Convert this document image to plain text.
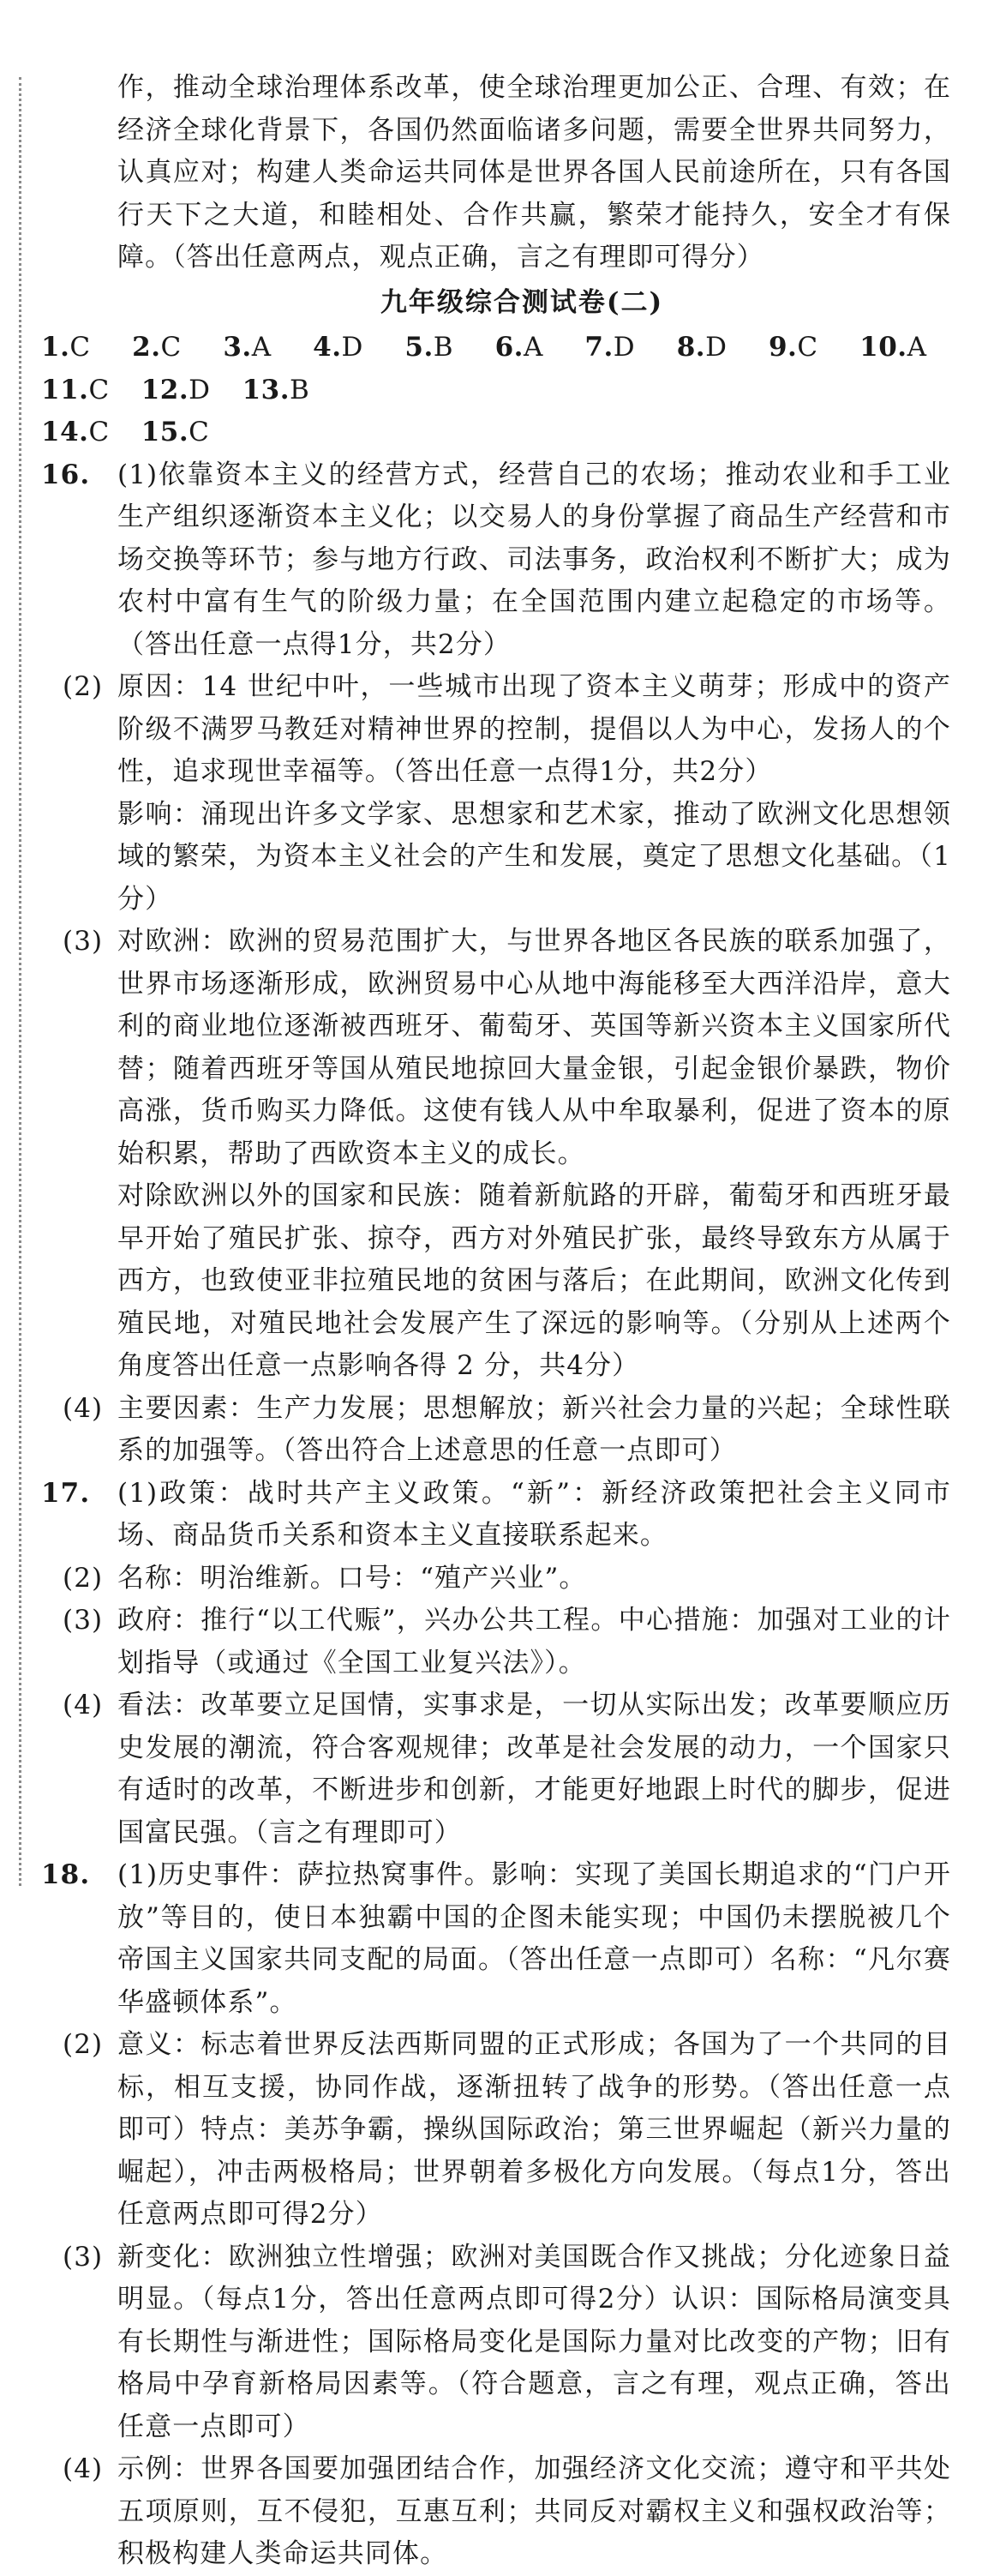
作，推动全球治理体系改革，使全球治理更加公正、合理、有效；在经济全球化背景下，各国仍然面临诸多问题，需要全世界共同努力，认真应对；构建人类命运共同体是世界各国人民前途所在，只有各国行天下之大道，和睦相处、合作共赢，繁荣才能持久，安全才有保障。（答出任意两点，观点正确，言之有理即可得分）

九年级综合测试卷(二)
1.C 2.C 3.A 4.D 5.B 6.A 7.D 8.D 9.C 10.A   11.C 12.D 13.B
14.C 15.C
16. (1)依靠资本主义的经营方式，经营自己的农场；推动农业和手工业生产组织逐渐资本主义化；以交易人的身份掌握了商品生产经营和市场交换等环节；参与地方行政、司法事务，政治权利不断扩大；成为农村中富有生气的阶级力量；在全国范围内建立起稳定的市场等。（答出任意一点得1分，共2分）
(2) 原因：14 世纪中叶，一些城市出现了资本主义萌芽；形成中的资产阶级不满罗马教廷对精神世界的控制，提倡以人为中心，发扬人的个性，追求现世幸福等。（答出任意一点得1分，共2分）
影响：涌现出许多文学家、思想家和艺术家，推动了欧洲文化思想领域的繁荣，为资本主义社会的产生和发展，奠定了思想文化基础。（1分）
(3) 对欧洲：欧洲的贸易范围扩大，与世界各地区各民族的联系加强了，世界市场逐渐形成，欧洲贸易中心从地中海能移至大西洋沿岸，意大利的商业地位逐渐被西班牙、葡萄牙、英国等新兴资本主义国家所代替；随着西班牙等国从殖民地掠回大量金银，引起金银价暴跌，物价高涨，货币购买力降低。这使有钱人从中牟取暴利，促进了资本的原始积累，帮助了西欧资本主义的成长。
对除欧洲以外的国家和民族：随着新航路的开辟，葡萄牙和西班牙最早开始了殖民扩张、掠夺，西方对外殖民扩张，最终导致东方从属于西方，也致使亚非拉殖民地的贫困与落后；在此期间，欧洲文化传到殖民地，对殖民地社会发展产生了深远的影响等。（分别从上述两个角度答出任意一点影响各得 2 分，共4分）
(4) 主要因素：生产力发展；思想解放；新兴社会力量的兴起；全球性联系的加强等。（答出符合上述意思的任意一点即可）
17. (1)政策：战时共产主义政策。“新”：新经济政策把社会主义同市场、商品货币关系和资本主义直接联系起来。
(2) 名称：明治维新。口号：“殖产兴业”。
(3) 政府：推行“以工代赈”，兴办公共工程。中心措施：加强对工业的计划指导（或通过《全国工业复兴法》）。
(4) 看法：改革要立足国情，实事求是，一切从实际出发；改革要顺应历史发展的潮流，符合客观规律；改革是社会发展的动力，一个国家只有适时的改革，不断进步和创新，才能更好地跟上时代的脚步，促进国富民强。（言之有理即可）
18. (1)历史事件：萨拉热窝事件。影响：实现了美国长期追求的“门户开放”等目的，使日本独霸中国的企图未能实现；中国仍未摆脱被几个帝国主义国家共同支配的局面。（答出任意一点即可）名称：“凡尔赛华盛顿体系”。
(2) 意义：标志着世界反法西斯同盟的正式形成；各国为了一个共同的目标，相互支援，协同作战，逐渐扭转了战争的形势。（答出任意一点即可）特点：美苏争霸，操纵国际政治；第三世界崛起（新兴力量的崛起），冲击两极格局；世界朝着多极化方向发展。（每点1分，答出任意两点即可得2分）
(3) 新变化：欧洲独立性增强；欧洲对美国既合作又挑战；分化迹象日益明显。（每点1分，答出任意两点即可得2分）认识：国际格局演变具有长期性与渐进性；国际格局变化是国际力量对比改变的产物；旧有格局中孕育新格局因素等。（符合题意，言之有理，观点正确，答出任意一点即可）
(4) 示例：世界各国要加强团结合作，加强经济文化交流；遵守和平共处五项原则，互不侵犯，互惠互利；共同反对霸权主义和强权政治等；积极构建人类命运共同体。
